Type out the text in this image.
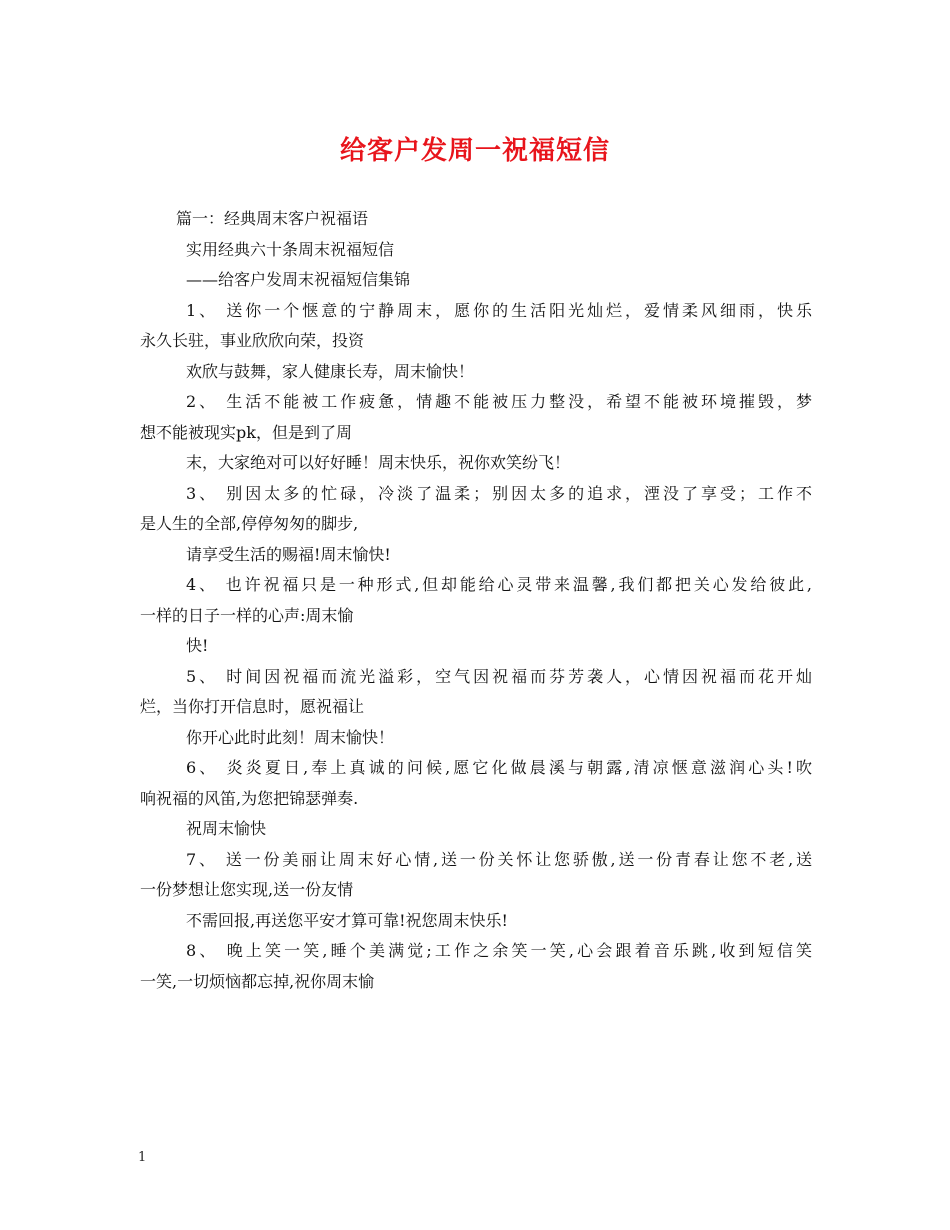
给客户发周一祝福短信
篇一：经典周末客户祝福语
实用经典六十条周末祝福短信
——给客户发周末祝福短信集锦
1、 送你一个惬意的宁静周末，愿你的生活阳光灿烂，爱情柔风细雨，快乐
永久长驻，事业欣欣向荣，投资
欢欣与鼓舞，家人健康长寿，周末愉快！
2、 生活不能被工作疲惫，情趣不能被压力整没，希望不能被环境摧毁，梦
想不能被现实pk，但是到了周
末，大家绝对可以好好睡！周末快乐，祝你欢笑纷飞！
3、 别因太多的忙碌，冷淡了温柔；别因太多的追求，湮没了享受；工作不
是人生的全部,停停匆匆的脚步,
请享受生活的赐福!周末愉快!
4、 也许祝福只是一种形式,但却能给心灵带来温馨,我们都把关心发给彼此,
一样的日子一样的心声:周末愉
快!
5、 时间因祝福而流光溢彩，空气因祝福而芬芳袭人，心情因祝福而花开灿
烂，当你打开信息时，愿祝福让
你开心此时此刻！周末愉快！
6、 炎炎夏日,奉上真诚的问候,愿它化做晨溪与朝露,清凉惬意滋润心头!吹
响祝福的风笛,为您把锦瑟弹奏.
祝周末愉快
7、 送一份美丽让周末好心情,送一份关怀让您骄傲,送一份青春让您不老,送
一份梦想让您实现,送一份友情
不需回报,再送您平安才算可靠!祝您周末快乐!
8、 晚上笑一笑,睡个美满觉;工作之余笑一笑,心会跟着音乐跳,收到短信笑
一笑,一切烦恼都忘掉,祝你周末愉
1
